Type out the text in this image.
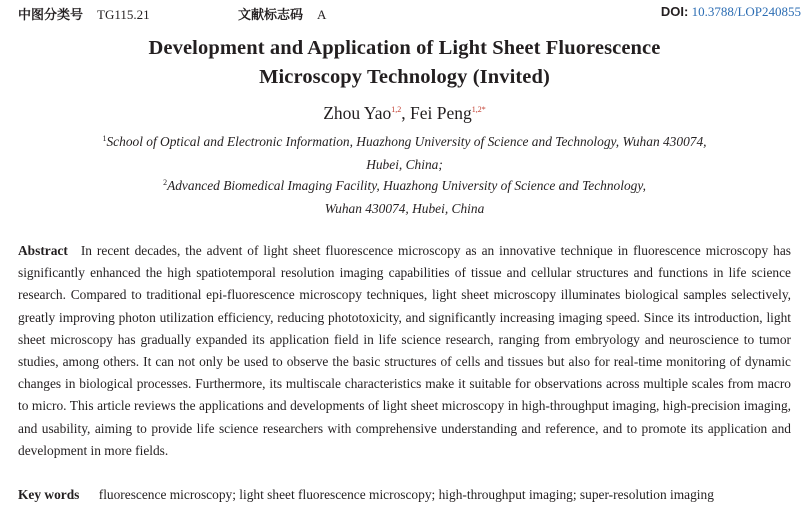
中图分类号 TG115.21	文献标志码 A	DOI: 10.3788/LOP240855
Development and Application of Light Sheet Fluorescence
Microscopy Technology (Invited)
Zhou Yao$^{1,2}$, Fei Peng$^{1,2*}$
$^1$School of Optical and Electronic Information, Huazhong University of Science and Technology, Wuhan 430074,
Hubei, China;
$^2$Advanced Biomedical Imaging Facility, Huazhong University of Science and Technology,
Wuhan 430074, Hubei, China

Abstract In recent decades, the advent of light sheet fluorescence microscopy as an innovative technique in fluorescence microscopy has significantly enhanced the high spatiotemporal resolution imaging capabilities of tissue and cellular structures and functions in life science research. Compared to traditional epi-fluorescence microscopy techniques, light sheet microscopy illuminates biological samples selectively, greatly improving photon utilization efficiency, reducing phototoxicity, and significantly increasing imaging speed. Since its introduction, light sheet microscopy has gradually expanded its application field in life science research, ranging from embryology and neuroscience to tumor studies, among others. It can not only be used to observe the basic structures of cells and tissues but also for real-time monitoring of dynamic changes in biological processes. Furthermore, its multiscale characteristics make it suitable for observations across multiple scales from macro to micro. This article reviews the applications and developments of light sheet microscopy in high-throughput imaging, high-precision imaging, and usability, aiming to provide life science researchers with comprehensive understanding and reference, and to promote its application and development in more fields.

Key words fluorescence microscopy; light sheet fluorescence microscopy; high-throughput imaging; super-resolution imaging
